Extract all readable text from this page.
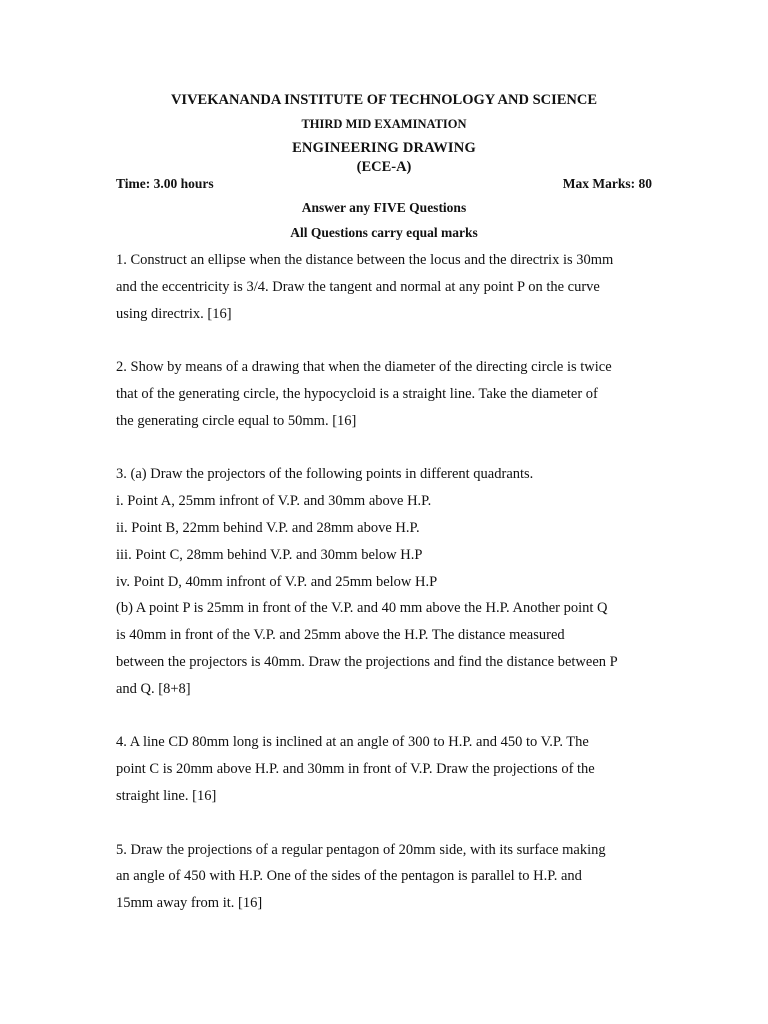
VIVEKANANDA INSTITUTE OF TECHNOLOGY AND SCIENCE
THIRD MID EXAMINATION
ENGINEERING DRAWING
(ECE-A)
Time: 3.00 hours	Max Marks: 80
Answer any FIVE Questions
All Questions carry equal marks
1. Construct an ellipse when the distance between the locus and the directrix is 30mm
and the eccentricity is 3/4. Draw the tangent and normal at any point P on the curve
using directrix. [16]
2. Show by means of a drawing that when the diameter of the directing circle is twice
that of the generating circle, the hypocycloid is a straight line. Take the diameter of
the generating circle equal to 50mm. [16]
3. (a) Draw the projectors of the following points in different quadrants.
i. Point A, 25mm infront of V.P. and 30mm above H.P.
ii. Point B, 22mm behind V.P. and 28mm above H.P.
iii. Point C, 28mm behind V.P. and 30mm below H.P
iv. Point D, 40mm infront of V.P. and 25mm below H.P
(b) A point P is 25mm in front of the V.P. and 40 mm above the H.P. Another point Q
is 40mm in front of the V.P. and 25mm above the H.P. The distance measured
between the projectors is 40mm. Draw the projections and find the distance between P
and Q. [8+8]
4. A line CD 80mm long is inclined at an angle of 300 to H.P. and 450 to V.P. The
point C is 20mm above H.P. and 30mm in front of V.P. Draw the projections of the
straight line. [16]
5. Draw the projections of a regular pentagon of 20mm side, with its surface making
an angle of 450 with H.P. One of the sides of the pentagon is parallel to H.P. and
15mm away from it. [16]
